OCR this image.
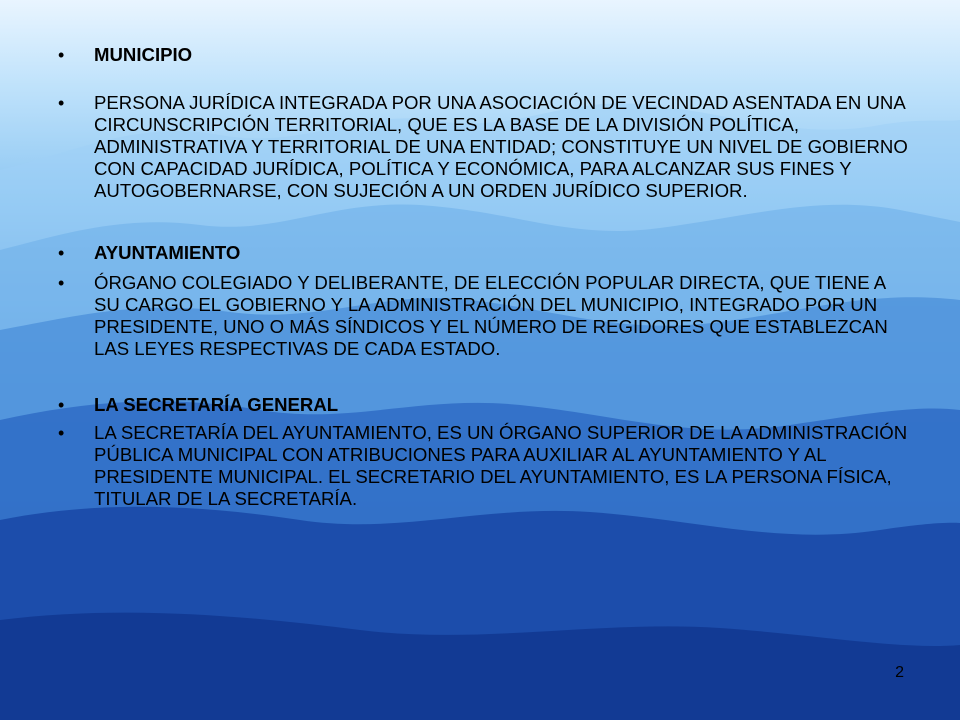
• MUNICIPIO
• PERSONA JURÍDICA INTEGRADA POR UNA ASOCIACIÓN DE VECINDAD ASENTADA EN UNA CIRCUNSCRIPCIÓN TERRITORIAL, QUE ES LA BASE DE LA DIVISIÓN POLÍTICA, ADMINISTRATIVA Y TERRITORIAL DE UNA ENTIDAD; CONSTITUYE UN NIVEL DE GOBIERNO CON CAPACIDAD JURÍDICA, POLÍTICA Y ECONÓMICA, PARA ALCANZAR SUS FINES Y AUTOGOBERNARSE, CON SUJECIÓN A UN ORDEN JURÍDICO SUPERIOR.
• AYUNTAMIENTO
• ÓRGANO COLEGIADO Y DELIBERANTE, DE ELECCIÓN POPULAR DIRECTA, QUE TIENE A SU CARGO EL GOBIERNO Y LA ADMINISTRACIÓN DEL MUNICIPIO, INTEGRADO POR UN PRESIDENTE, UNO O MÁS SÍNDICOS Y EL NÚMERO DE REGIDORES QUE ESTABLEZCAN LAS LEYES RESPECTIVAS DE CADA ESTADO.
• LA SECRETARÍA GENERAL
• LA SECRETARÍA DEL AYUNTAMIENTO, ES UN ÓRGANO SUPERIOR DE LA ADMINISTRACIÓN PÚBLICA MUNICIPAL CON ATRIBUCIONES PARA AUXILIAR AL AYUNTAMIENTO Y AL PRESIDENTE MUNICIPAL. EL SECRETARIO DEL AYUNTAMIENTO, ES LA PERSONA FÍSICA, TITULAR DE LA SECRETARÍA.
2
